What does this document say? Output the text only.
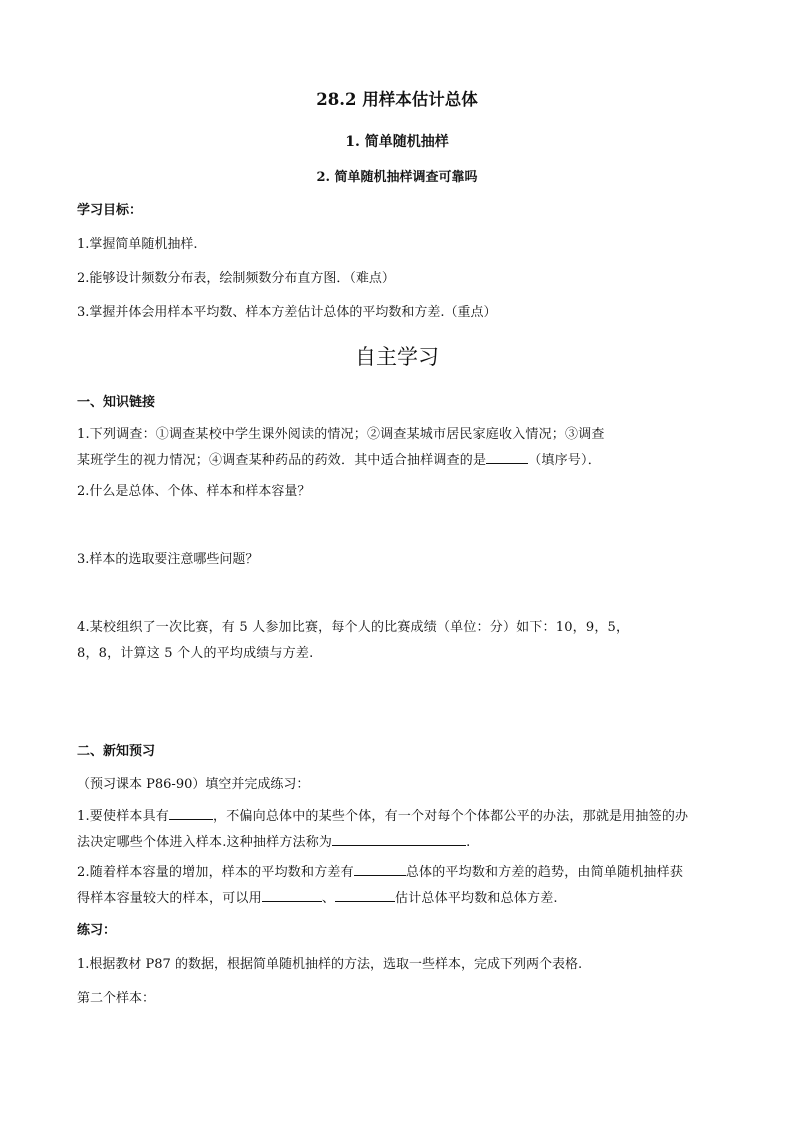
28.2 用样本估计总体
1. 简单随机抽样
2. 简单随机抽样调查可靠吗
学习目标：
1.掌握简单随机抽样.
2.能够设计频数分布表，绘制频数分布直方图．（难点）
3.掌握并体会用样本平均数、样本方差估计总体的平均数和方差.（重点）
自主学习
一、知识链接
1.下列调查：①调查某校中学生课外阅读的情况；②调查某城市居民家庭收入情况；③调查
某班学生的视力情况；④调查某种药品的药效．其中适合抽样调查的是	（填序号）．
2.什么是总体、个体、样本和样本容量？
3.样本的选取要注意哪些问题？
4.某校组织了一次比赛，有 5 人参加比赛，每个人的比赛成绩（单位：分）如下：10，9，5，
8，8，计算这 5 个人的平均成绩与方差.
二、新知预习
（预习课本 P86-90）填空并完成练习：
1.要使样本具有	，不偏向总体中的某些个体，有一个对每个个体都公平的办法，那就是用抽签的办
法决定哪些个体进入样本.这种抽样方法称为	.
2.随着样本容量的增加，样本的平均数和方差有	总体的平均数和方差的趋势，由简单随机抽样获
得样本容量较大的样本，可以用	、	估计总体平均数和总体方差.
练习：
1.根据教材 P87 的数据，根据简单随机抽样的方法，选取一些样本，完成下列两个表格.
第二个样本：
